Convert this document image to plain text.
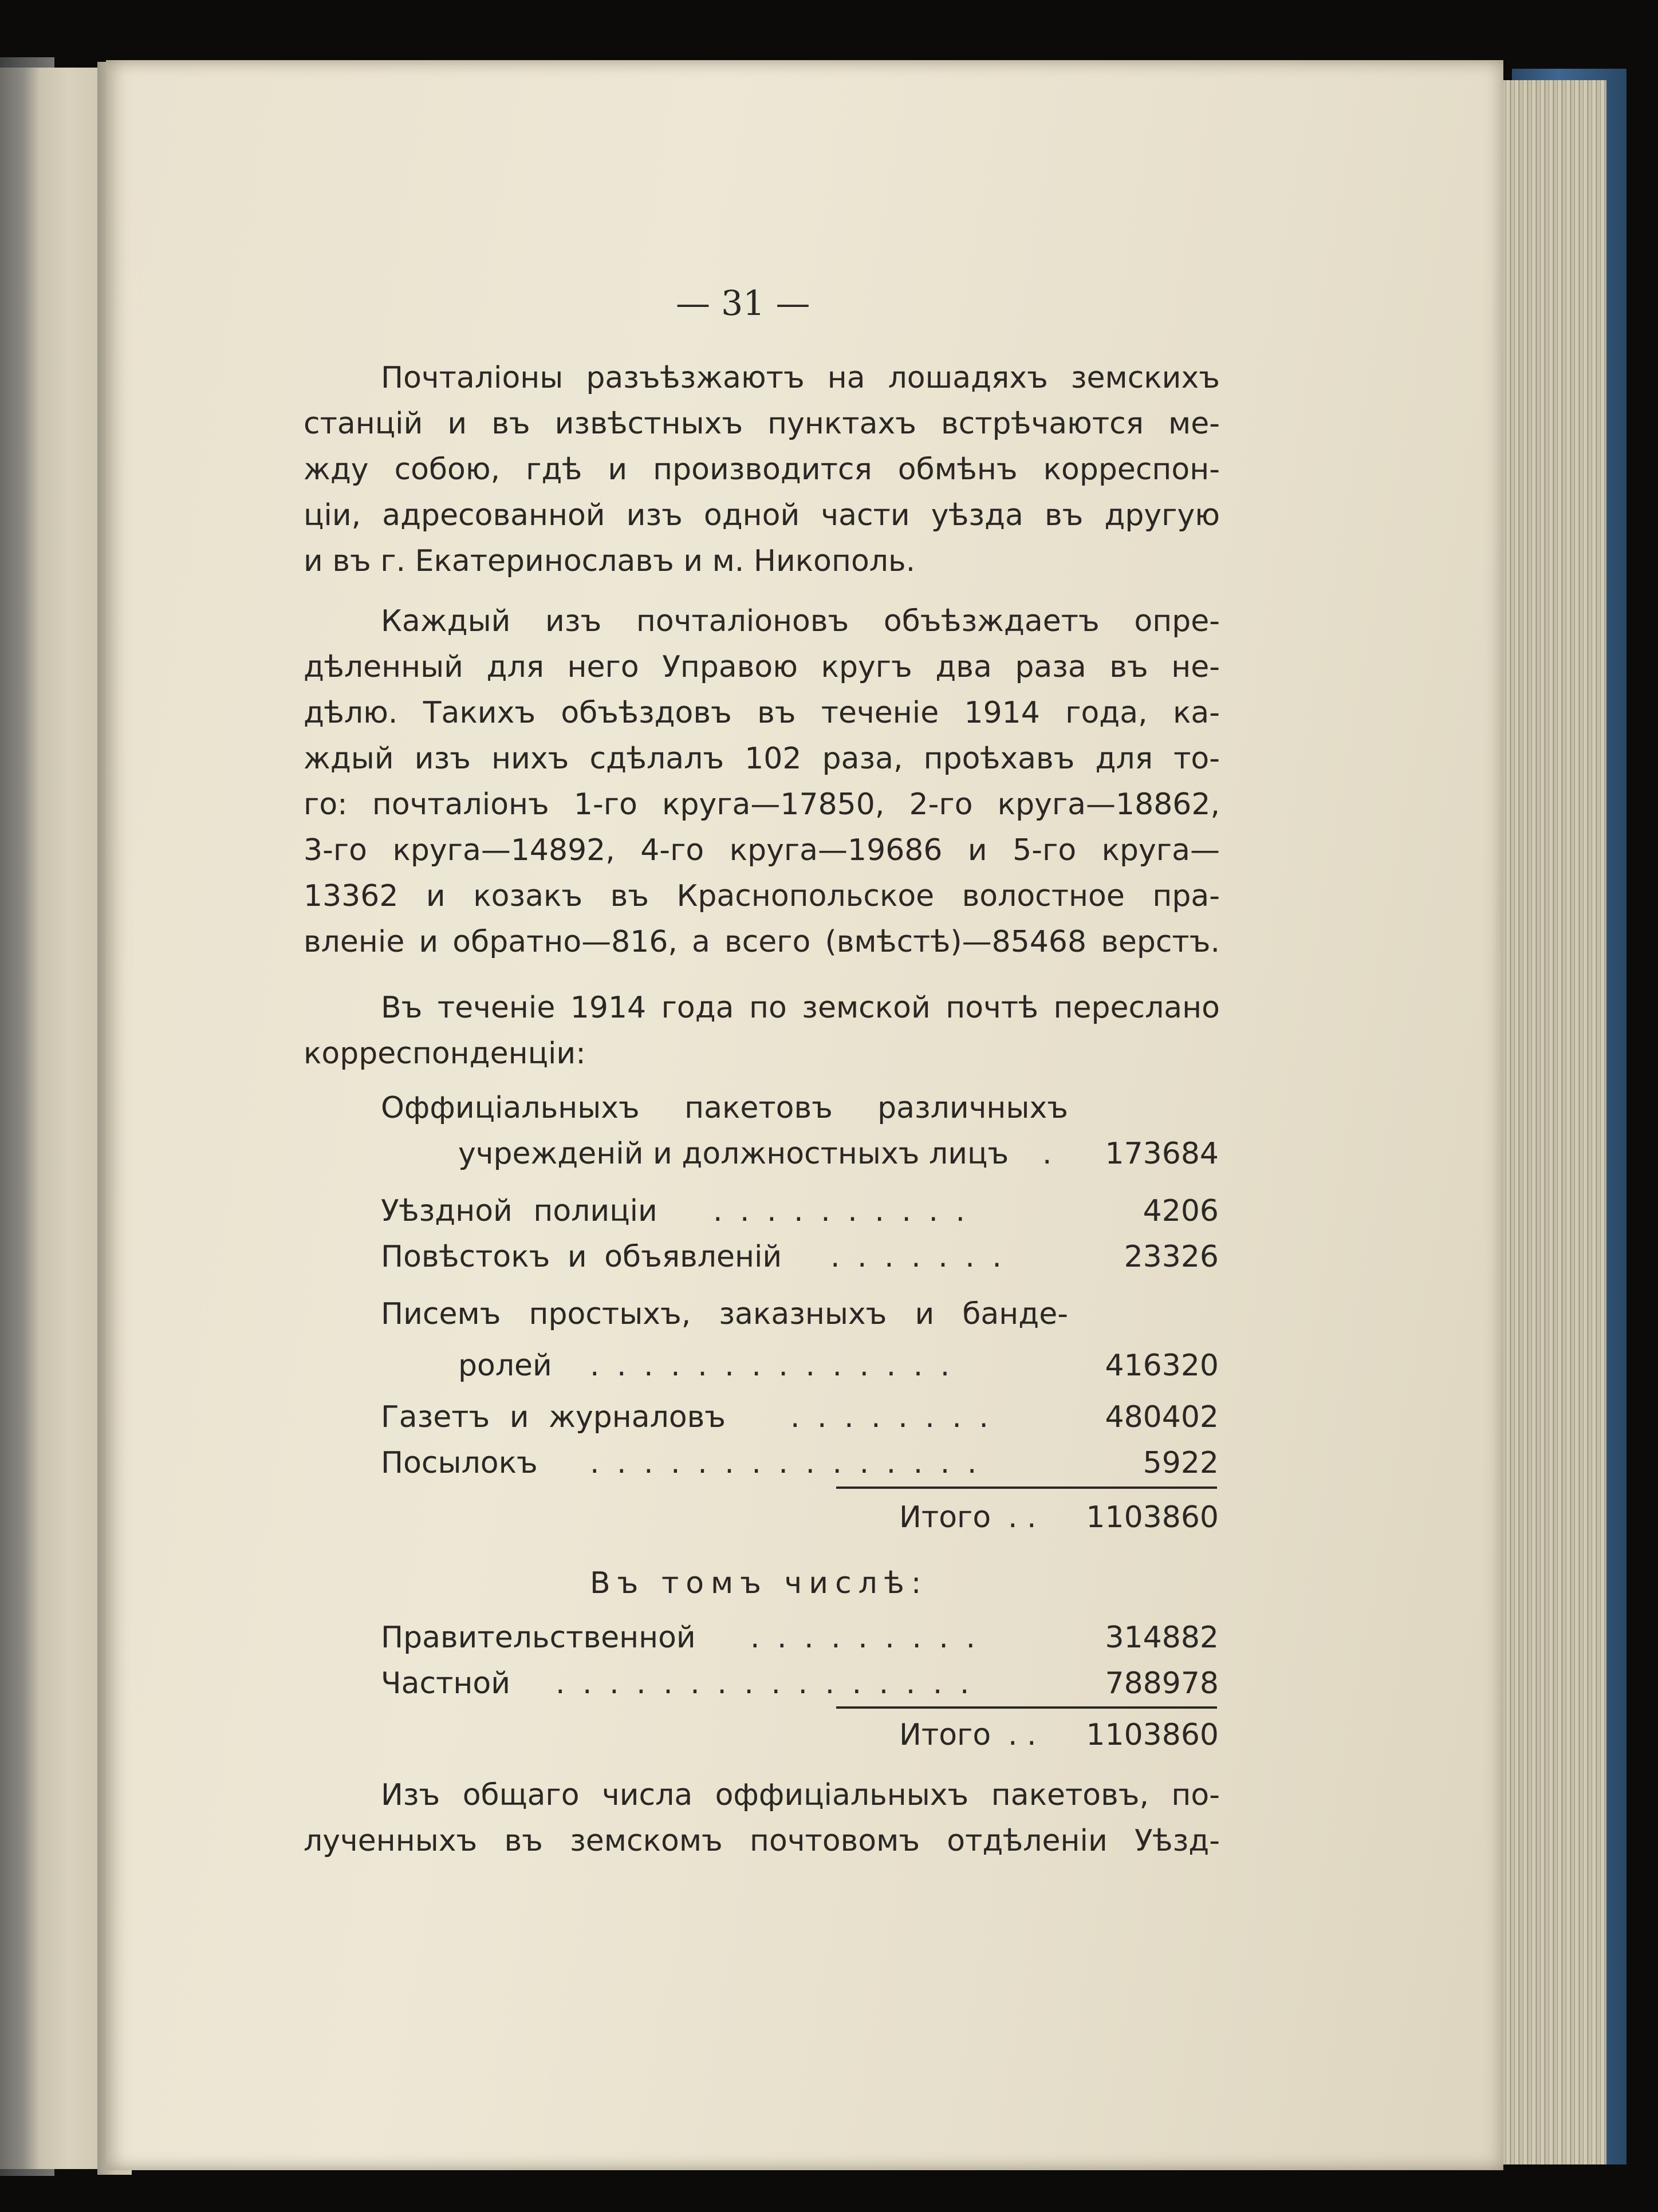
— 31 —
Почталіоны разъѣзжаютъ на лошадяхъ земскихъ
станцій и въ извѣстныхъ пунктахъ встрѣчаются ме-
жду собою, гдѣ и производится обмѣнъ корреспон-
ціи, адресованной изъ одной части уѣзда въ другую
и въ г. Екатеринославъ и м. Никополь.
Каждый изъ почталіоновъ объѣзждаетъ опре-
дѣленный для него Управою кругъ два раза въ не-
дѣлю. Такихъ объѣздовъ въ теченіе 1914 года, ка-
ждый изъ нихъ сдѣлалъ 102 раза, проѣхавъ для то-
го: почталіонъ 1-го круга—17850, 2-го круга—18862,
3-го круга—14892, 4-го круга—19686 и 5-го круга—
13362 и козакъ въ Краснопольское волостное пра-
вленіе и обратно—816, а всего (вмѣстѣ)—85468 верстъ.
Въ теченіе 1914 года по земской почтѣ переслано
корреспонденціи:
Оффиціальныхъ пакетовъ различныхъ
учрежденій и должностныхъ лицъ .	173684
Уѣздной полиціи . . . . . . . . . .	4206
Повѣстокъ и объявленій . . . . . . .	23326
Писемъ простыхъ, заказныхъ и бандe-
ролей . . . . . . . . . . . . . .	416320
Газетъ и журналовъ . . . . . . . .	480402
Посылокъ . . . . . . . . . . . . . . .	5922
Итого . .	1103860
Въ томъ числѣ:
Правительственной . . . . . . . . .	314882
Частной . . . . . . . . . . . . . . . .	788978
Итого . .	1103860
Изъ общаго числа оффиціальныхъ пакетовъ, по-
лученныхъ въ земскомъ почтовомъ отдѣленіи Уѣзд-
